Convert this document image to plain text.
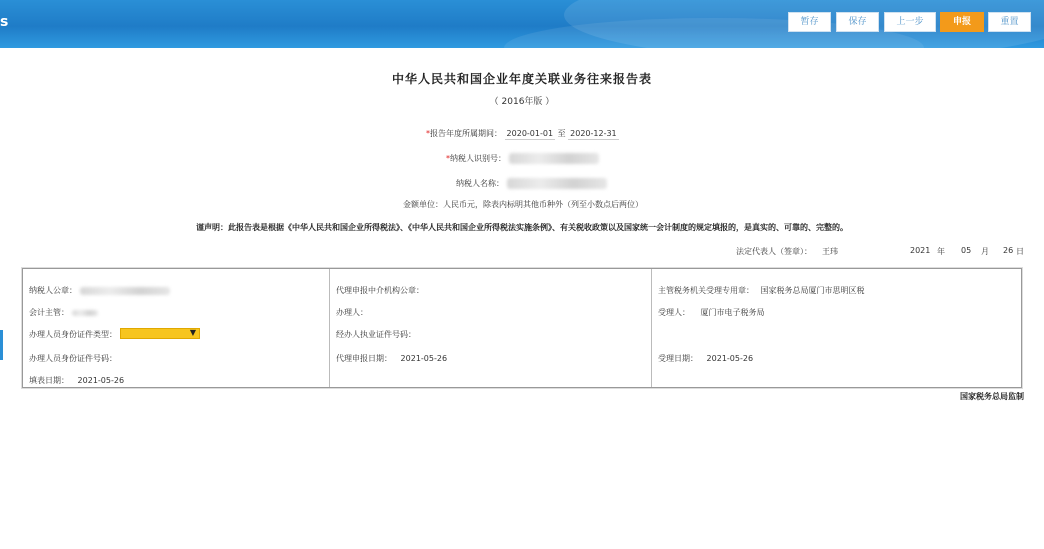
s	暂存	保存	上一步	申报	重置
中华人民共和国企业年度关联业务往来报告表
（ 2016年版 ）
*报告年度所属期间： 2020-01-01 至 2020-12-31
*纳税人识别号：
纳税人名称：
金额单位：人民币元，除表内标明其他币种外（列至小数点后两位）
谨声明：此报告表是根据《中华人民共和国企业所得税法》、《中华人民共和国企业所得税法实施条例》、有关税收政策以及国家统一会计制度的规定填报的，是真实的、可靠的、完整的。
法定代表人（签章）： 王玮	2021 年 05 月 26 日
纳税人公章：
会计主管：
办理人员身份证件类型：	▼
办理人员身份证件号码：
填表日期： 2021-05-26
代理申报中介机构公章：
办理人：
经办人执业证件号码：
代理申报日期： 2021-05-26
主管税务机关受理专用章： 国家税务总局厦门市思明区税
受理人： 厦门市电子税务局
受理日期： 2021-05-26
国家税务总局监制
